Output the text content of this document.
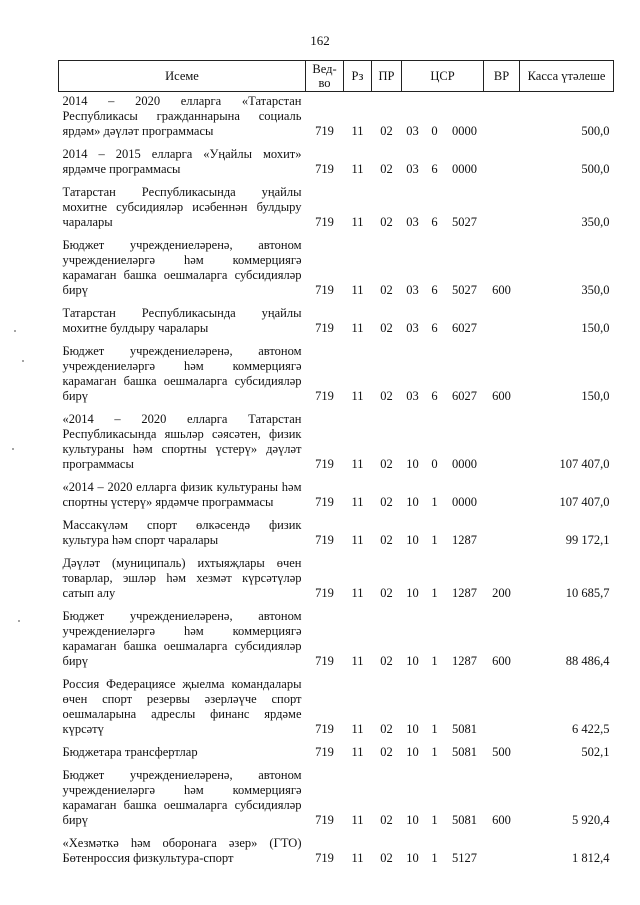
162
Исеме	Вед-во	Рз	ПР	ЦСР			ВР	Касса үтәлеше
2014 – 2020 елларга «Татарстан Республикасы гражданнарына социаль ярдәм» дәүләт программасы	719	11	02	03	0	0000		500,0
2014 – 2015 елларга «Уңайлы мохит» ярдәмче программасы	719	11	02	03	6	0000		500,0
Татарстан Республикасында уңайлы мохитне субсидияләр исәбеннән булдыру чаралары	719	11	02	03	6	5027		350,0
Бюджет учреждениеләренә, автоном учреждениеләргә һәм коммерциягә карамаган башка оешмаларга субсидияләр бирү	719	11	02	03	6	5027	600	350,0
Татарстан Республикасында уңайлы мохитне булдыру чаралары	719	11	02	03	6	6027		150,0
Бюджет учреждениеләренә, автоном учреждениеләргә һәм коммерциягә карамаган башка оешмаларга субсидияләр бирү	719	11	02	03	6	6027	600	150,0
«2014 – 2020 елларга Татарстан Республикасында яшьләр сәясәтен, физик культураны һәм спортны үстерү» дәүләт программасы	719	11	02	10	0	0000		107 407,0
«2014 – 2020 елларга физик культураны һәм спортны үстерү» ярдәмче программасы	719	11	02	10	1	0000		107 407,0
Массакүләм спорт өлкәсендә физик культура һәм спорт чаралары	719	11	02	10	1	1287		99 172,1
Дәүләт (муниципаль) ихтыяҗлары өчен товарлар, эшләр һәм хезмәт күрсәтүләр сатып алу	719	11	02	10	1	1287	200	10 685,7
Бюджет учреждениеләренә, автоном учреждениеләргә һәм коммерциягә карамаган башка оешмаларга субсидияләр бирү	719	11	02	10	1	1287	600	88 486,4
Россия Федерациясе җыелма командалары өчен спорт резервы әзерләүче спорт оешмаларына адреслы финанс ярдәме күрсәтү	719	11	02	10	1	5081		6 422,5
Бюджетара трансфертлар	719	11	02	10	1	5081	500	502,1
Бюджет учреждениеләренә, автоном учреждениеләргә һәм коммерциягә карамаган башка оешмаларга субсидияләр бирү	719	11	02	10	1	5081	600	5 920,4
«Хезмәткә һәм оборонага әзер» (ГТО) Бөтенроссия физкультура-спорт	719	11	02	10	1	5127		1 812,4
